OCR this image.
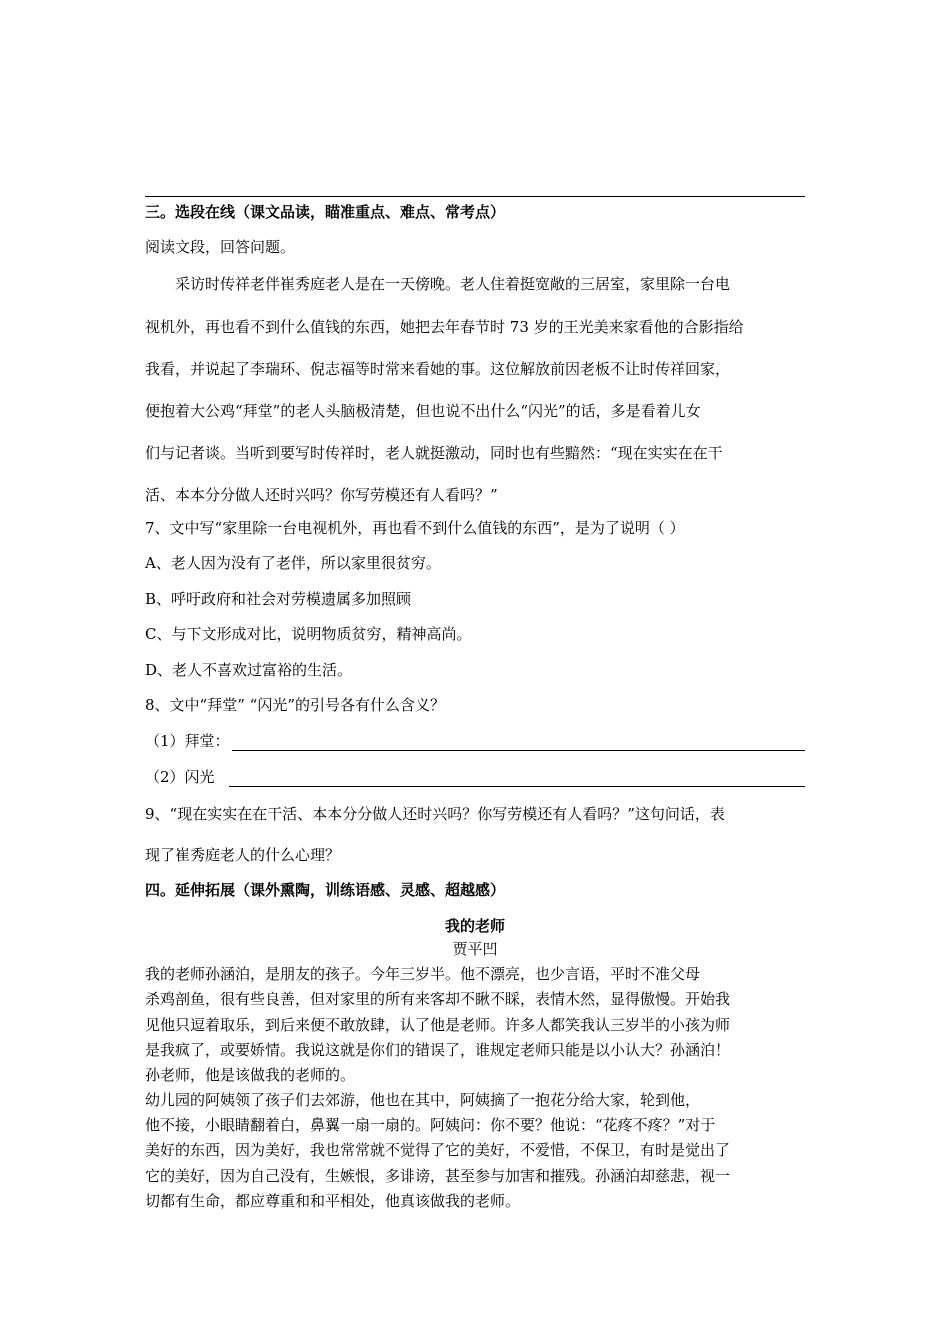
三。选段在线（课文品读，瞄准重点、难点、常考点）
阅读文段，回答问题。
采访时传祥老伴崔秀庭老人是在一天傍晚。老人住着挺宽敞的三居室，家里除一台电
视机外，再也看不到什么值钱的东西，她把去年春节时 73 岁的王光美来家看他的合影指给
我看，并说起了李瑞环、倪志福等时常来看她的事。这位解放前因老板不让时传祥回家，
便抱着大公鸡“拜堂”的老人头脑极清楚，但也说不出什么“闪光”的话，多是看着儿女
们与记者谈。当听到要写时传祥时，老人就挺激动，同时也有些黯然：“现在实实在在干
活、本本分分做人还时兴吗？你写劳模还有人看吗？”
7、文中写“家里除一台电视机外，再也看不到什么值钱的东西”，是为了说明（ ）
A、老人因为没有了老伴，所以家里很贫穷。
B、呼吁政府和社会对劳模遗属多加照顾
C、与下文形成对比，说明物质贫穷，精神高尚。
D、老人不喜欢过富裕的生活。
8、文中“拜堂” “闪光”的引号各有什么含义？
（1）拜堂：
（2）闪光
9、“现在实实在在干活、本本分分做人还时兴吗？你写劳模还有人看吗？”这句问话，表
现了崔秀庭老人的什么心理？
四。延伸拓展（课外熏陶，训练语感、灵感、超越感）
我的老师
贾平凹
我的老师孙涵泊，是朋友的孩子。今年三岁半。他不漂亮，也少言语，平时不准父母
杀鸡剖鱼，很有些良善，但对家里的所有来客却不瞅不睬，表情木然，显得傲慢。开始我
见他只逗着取乐，到后来便不敢放肆，认了他是老师。许多人都笑我认三岁半的小孩为师
是我疯了，或要娇情。我说这就是你们的错误了，谁规定老师只能是以小认大？孙涵泊！
孙老师，他是该做我的老师的。
幼儿园的阿姨领了孩子们去郊游，他也在其中，阿姨摘了一抱花分给大家，轮到他，
他不接，小眼睛翻着白，鼻翼一扇一扇的。阿姨问：你不要？他说：“花疼不疼？”对于
美好的东西，因为美好，我也常常就不觉得了它的美好，不爱惜，不保卫，有时是觉出了
它的美好，因为自己没有，生嫉恨，多诽谤，甚至参与加害和摧残。孙涵泊却慈悲，视一
切都有生命，都应尊重和和平相处，他真该做我的老师。
